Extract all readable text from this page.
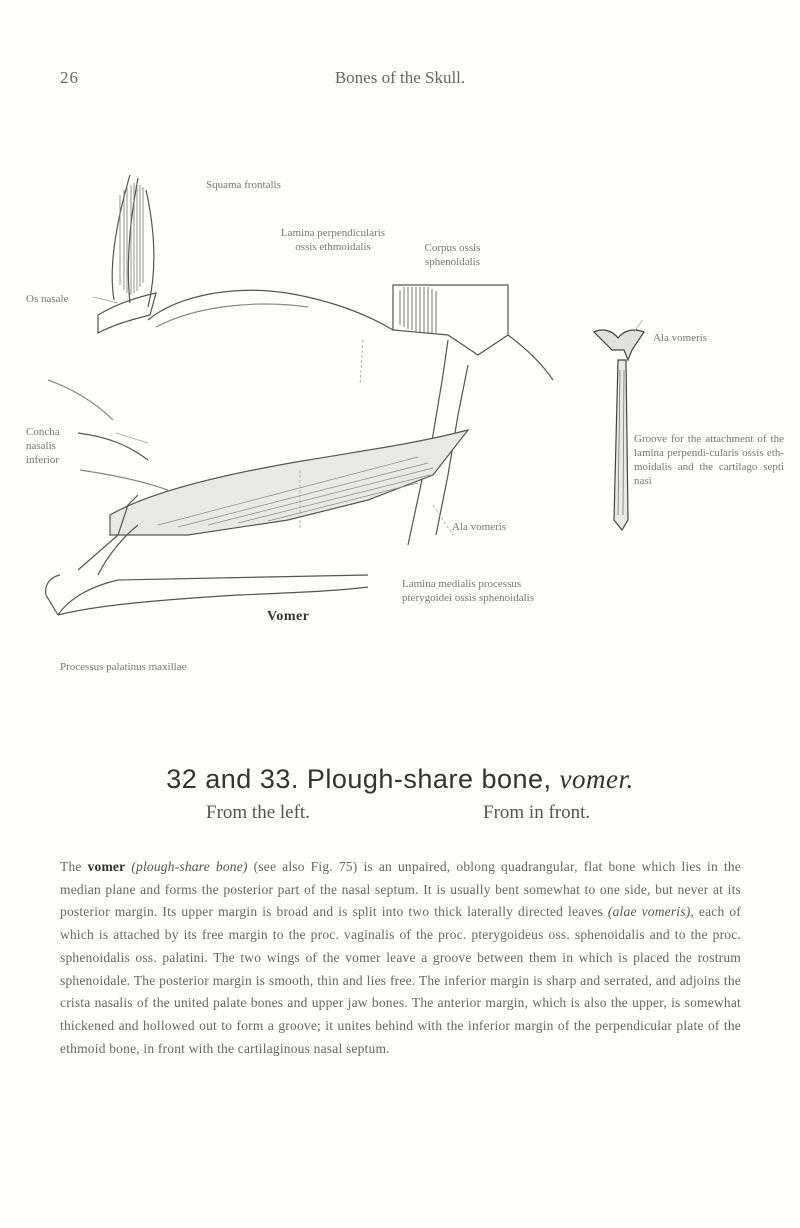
26	Bones of the Skull.
Squama frontalis
Lamina perpendicularis
ossis ethmoidalis	Corpus ossis
sphenoidalis
Os nasale
Concha
nasalis
inferior
Ala vomeris
Lamina medialis processus
pterygoidei ossis sphenoidalis
Vomer
Processus palatinus maxillae
Ala vomeris
Groove for the attachment of the lamina perpendi-cularis ossis eth-moidalis and the cartilago septi nasi
32 and 33. Plough-share bone, vomer.
From the left.	From in front.
The vomer (plough-share bone) (see also Fig. 75) is an unpaired, oblong quadrangular, flat bone which lies in the median plane and forms the posterior part of the nasal septum. It is usually bent somewhat to one side, but never at its posterior margin. Its upper margin is broad and is split into two thick laterally directed leaves (alae vomeris), each of which is attached by its free margin to the proc. vaginalis of the proc. pterygoideus oss. sphenoidalis and to the proc. sphenoidalis oss. palatini. The two wings of the vomer leave a groove between them in which is placed the rostrum sphenoidale. The posterior margin is smooth, thin and lies free. The inferior margin is sharp and serrated, and adjoins the crista nasalis of the united palate bones and upper jaw bones. The anterior margin, which is also the upper, is somewhat thickened and hollowed out to form a groove; it unites behind with the inferior margin of the perpendicular plate of the ethmoid bone, in front with the cartilaginous nasal septum.
